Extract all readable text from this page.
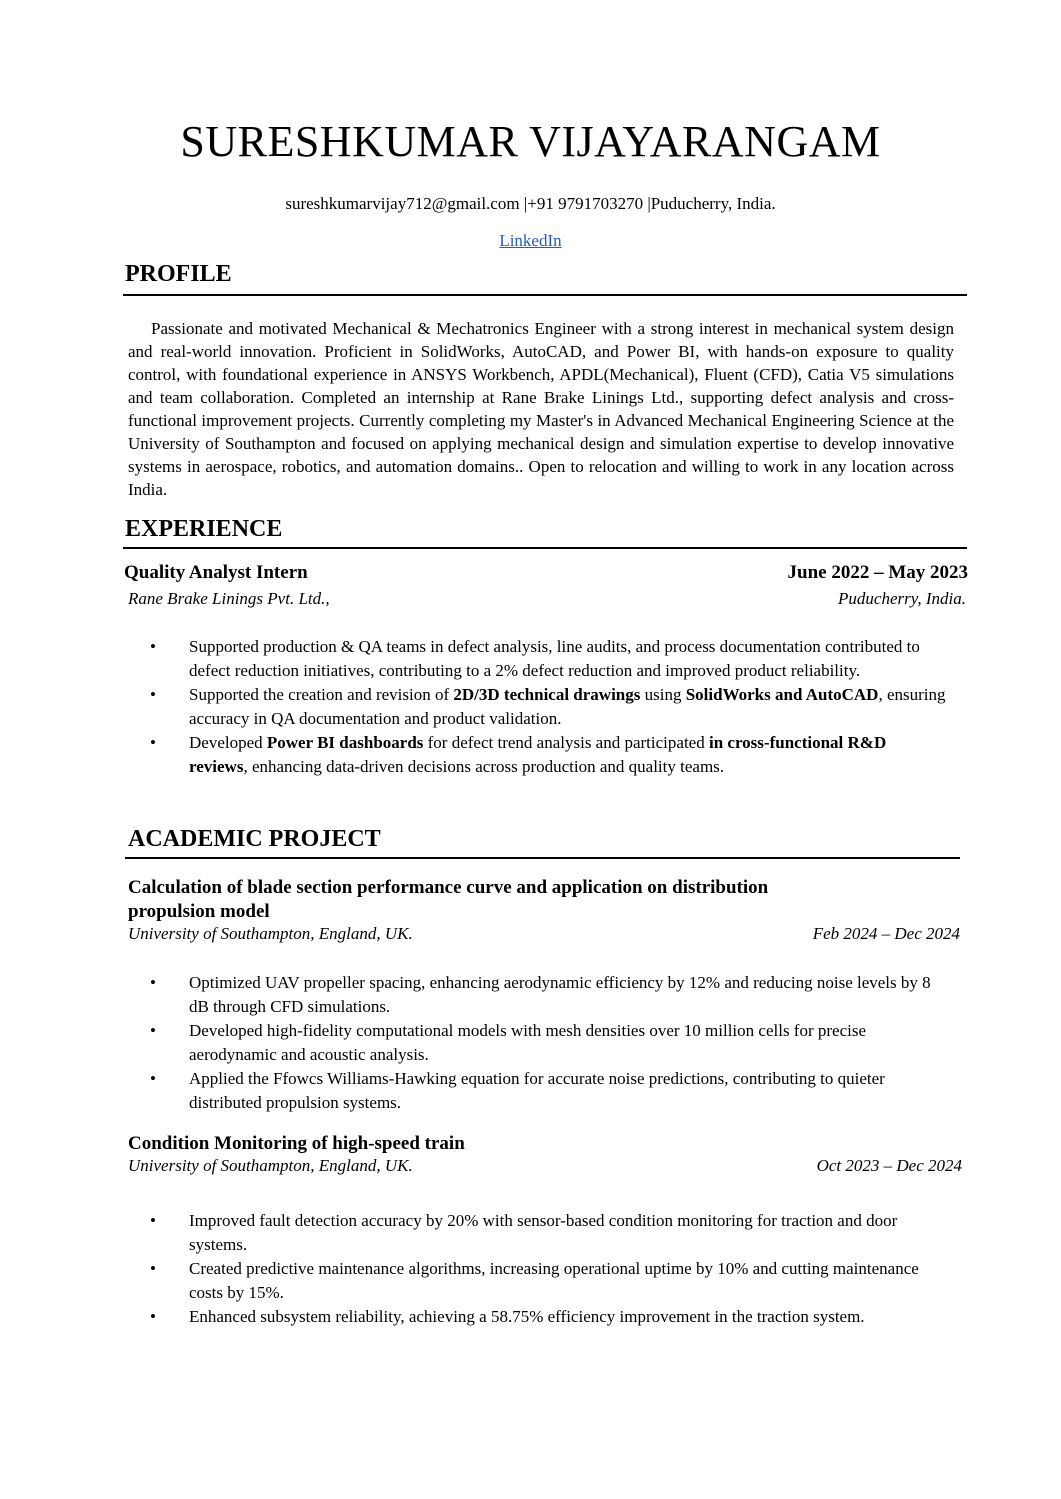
SURESHKUMAR VIJAYARANGAM
sureshkumarvijay712@gmail.com |+91 9791703270 |Puducherry, India.
LinkedIn
PROFILE
Passionate and motivated Mechanical & Mechatronics Engineer with a strong interest in mechanical system design and real-world innovation. Proficient in SolidWorks, AutoCAD, and Power BI, with hands-on exposure to quality control, with foundational experience in ANSYS Workbench, APDL(Mechanical), Fluent (CFD), Catia V5 simulations and team collaboration. Completed an internship at Rane Brake Linings Ltd., supporting defect analysis and cross-functional improvement projects. Currently completing my Master's in Advanced Mechanical Engineering Science at the University of Southampton and focused on applying mechanical design and simulation expertise to develop innovative systems in aerospace, robotics, and automation domains.. Open to relocation and willing to work in any location across India.
EXPERIENCE
Quality Analyst Intern	June 2022 – May 2023
Rane Brake Linings Pvt. Ltd.,	Puducherry, India.
• Supported production & QA teams in defect analysis, line audits, and process documentation contributed to defect reduction initiatives, contributing to a 2% defect reduction and improved product reliability.
• Supported the creation and revision of 2D/3D technical drawings using SolidWorks and AutoCAD, ensuring accuracy in QA documentation and product validation.
• Developed Power BI dashboards for defect trend analysis and participated in cross-functional R&D reviews, enhancing data-driven decisions across production and quality teams.
ACADEMIC PROJECT
Calculation of blade section performance curve and application on distribution
propulsion model
University of Southampton, England, UK.	Feb 2024 – Dec 2024
• Optimized UAV propeller spacing, enhancing aerodynamic efficiency by 12% and reducing noise levels by 8 dB through CFD simulations.
• Developed high-fidelity computational models with mesh densities over 10 million cells for precise aerodynamic and acoustic analysis.
• Applied the Ffowcs Williams-Hawking equation for accurate noise predictions, contributing to quieter distributed propulsion systems.
Condition Monitoring of high-speed train
University of Southampton, England, UK.	Oct 2023 – Dec 2024
• Improved fault detection accuracy by 20% with sensor-based condition monitoring for traction and door systems.
• Created predictive maintenance algorithms, increasing operational uptime by 10% and cutting maintenance costs by 15%.
• Enhanced subsystem reliability, achieving a 58.75% efficiency improvement in the traction system.
